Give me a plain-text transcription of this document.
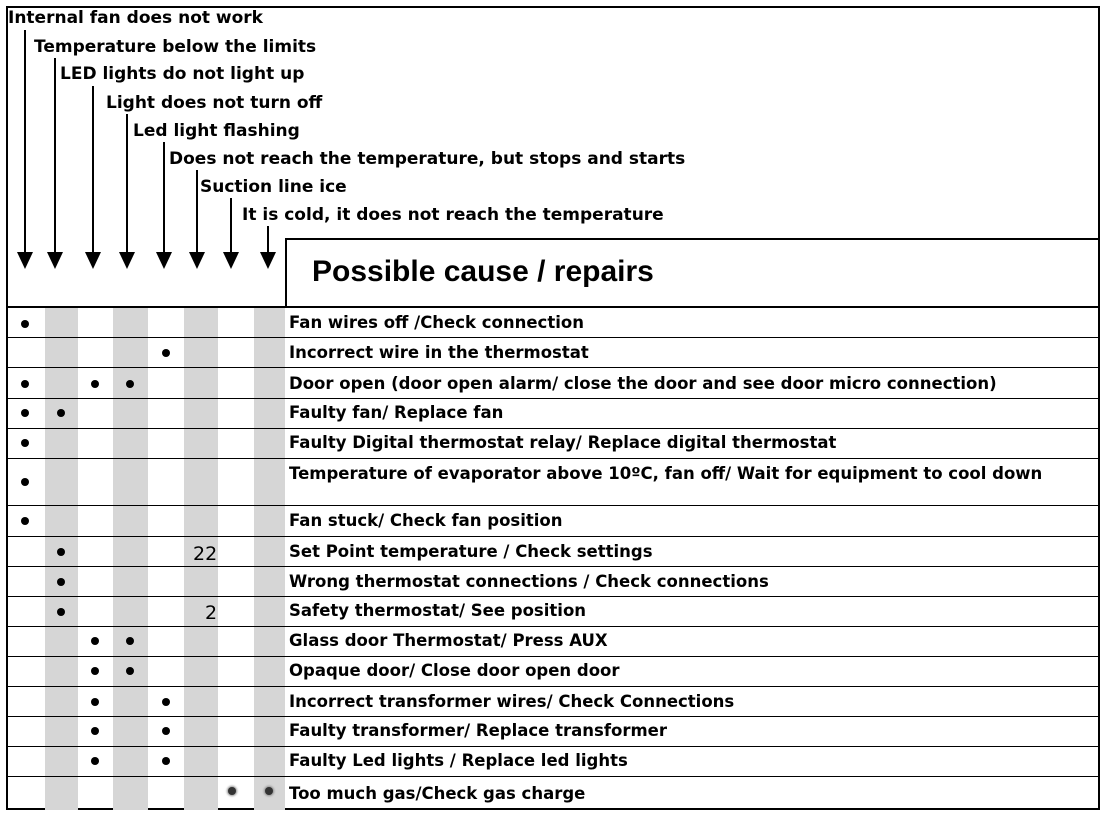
Internal fan does not work
Temperature below the limits
LED lights do not light up
Light does not turn off
Led light flashing
Does not reach the temperature, but stops and starts
Suction line ice
It is cold, it does not reach the temperature
Possible cause / repairs
Fan wires off /Check connection
Incorrect wire in the thermostat
Door open (door open alarm/ close the door and see door micro connection)
Faulty fan/ Replace fan
Faulty Digital thermostat relay/ Replace digital thermostat
Temperature of evaporator above 10ºC, fan off/ Wait for equipment to cool down
Fan stuck/ Check fan position
Set Point temperature / Check settings
Wrong thermostat connections / Check connections
Safety thermostat/ See position
Glass door Thermostat/ Press AUX
Opaque door/ Close door open door
Incorrect transformer wires/ Check Connections
Faulty transformer/ Replace transformer
Faulty Led lights / Replace led lights
Too much gas/Check gas charge
22
2
